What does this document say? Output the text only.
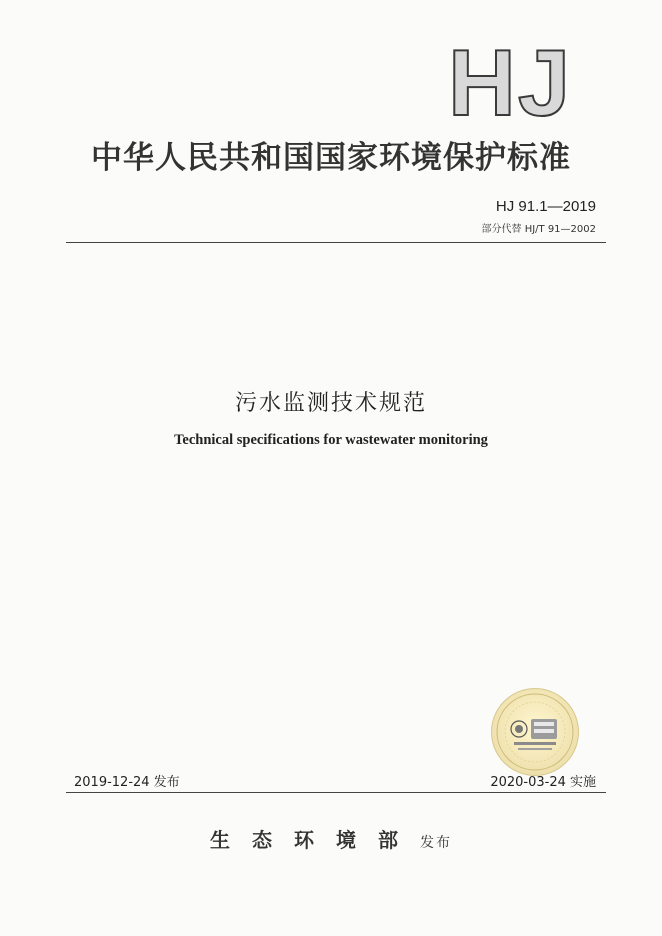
HJ
中华人民共和国国家环境保护标准
HJ 91.1—2019
部分代替 HJ/T 91—2002
污水监测技术规范
Technical specifications for wastewater monitoring
2019-12-24 发布	2020-03-24 实施
生态环境部发布
